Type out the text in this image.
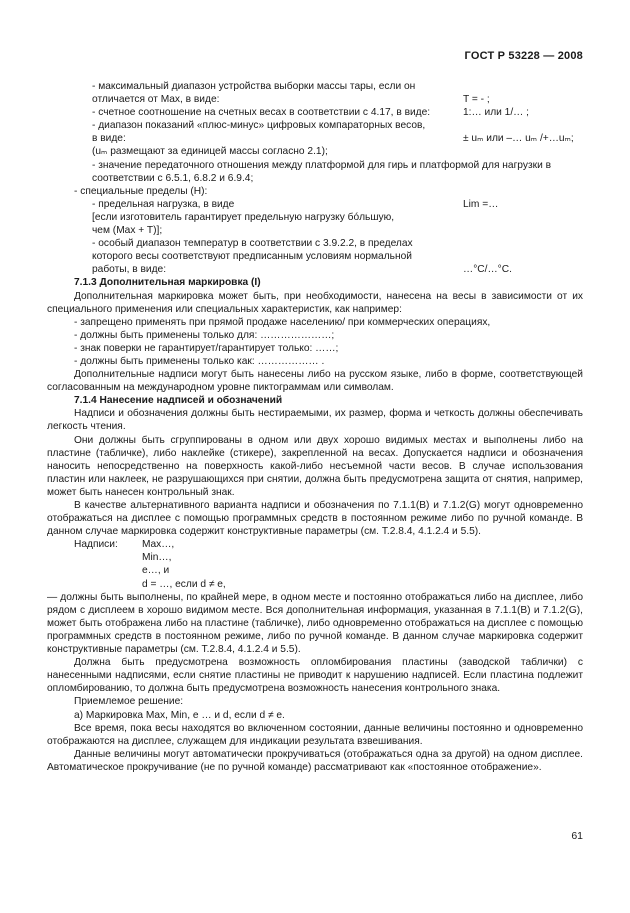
ГОСТ Р 53228 — 2008
- максимальный диапазон устройства выборки массы тары, если он
отличается от Max, в виде:	T = - ;
- счетное соотношение на счетных весах в соответствии с 4.17, в виде:	1:… или 1/… ;
- диапазон показаний «плюс-минус» цифровых компараторных весов,
в виде:	± uₘ или –… uₘ /+…uₘ;
(uₘ размещают за единицей массы согласно 2.1);
- значение передаточного отношения между платформой для гирь и платформой для нагрузки в
соответствии с 6.5.1, 6.8.2 и 6.9.4;
- специальные пределы (H):
- предельная нагрузка, в виде	Lim =…
[если изготовитель гарантирует предельную нагрузку бóльшую,
чем (Max + T)];
- особый диапазон температур в соответствии с 3.9.2.2, в пределах
которого весы соответствуют предписанным условиям нормальной
работы, в виде:	…°C/…°C.
7.1.3 Дополнительная маркировка (I)

Дополнительная маркировка может быть, при необходимости, нанесена на весы в зависимости от их специального применения или специальных характеристик, как например:

- запрещено применять при прямой продаже населению/ при коммерческих операциях,
- должны быть применены только для: …………………;
- знак поверки не гарантирует/гарантирует только: ……;
- должны быть применены только как: ……………… .

Дополнительные надписи могут быть нанесены либо на русском языке, либо в форме, соответствующей согласованным на международном уровне пиктограммам или символам.

7.1.4 Нанесение надписей и обозначений

Надписи и обозначения должны быть нестираемыми, их размер, форма и четкость должны обеспечивать легкость чтения.

Они должны быть сгруппированы в одном или двух хорошо видимых местах и выполнены либо на пластине (табличке), либо наклейке (стикере), закрепленной на весах. Допускается надписи и обозначения наносить непосредственно на поверхность какой-либо несъемной части весов. В случае использования пластин или наклеек, не разрушающихся при снятии, должна быть предусмотрена защита от снятия, например, может быть нанесен контрольный знак.

В качестве альтернативного варианта надписи и обозначения по 7.1.1(B) и 7.1.2(G) могут одновременно отображаться на дисплее с помощью программных средств в постоянном режиме либо по ручной команде. В данном случае маркировка содержит конструктивные параметры (см. Т.2.8.4, 4.1.2.4 и 5.5).

Надписи:	Max…,
Min…,
e…, и
d = …, если d ≠ e,

— должны быть выполнены, по крайней мере, в одном месте и постоянно отображаться либо на дисплее, либо рядом с дисплеем в хорошо видимом месте. Вся дополнительная информация, указанная в 7.1.1(B) и 7.1.2(G), может быть отображена либо на пластине (табличке), либо одновременно отображаться на дисплее с помощью программных средств в постоянном режиме, либо по ручной команде. В данном случае маркировка содержит конструктивные параметры (см. Т.2.8.4, 4.1.2.4 и 5.5).

Должна быть предусмотрена возможность опломбирования пластины (заводской таблички) с нанесенными надписями, если снятие пластины не приводит к нарушению надписей. Если пластина подлежит опломбированию, то должна быть предусмотрена возможность нанесения контрольного знака.

Приемлемое решение:

а) Маркировка Max, Min, e … и d, если d ≠ e.

Все время, пока весы находятся во включенном состоянии, данные величины постоянно и одновременно отображаются на дисплее, служащем для индикации результата взвешивания.

Данные величины могут автоматически прокручиваться (отображаться одна за другой) на одном дисплее. Автоматическое прокручивание (не по ручной команде) рассматривают как «постоянное отображение».

61
